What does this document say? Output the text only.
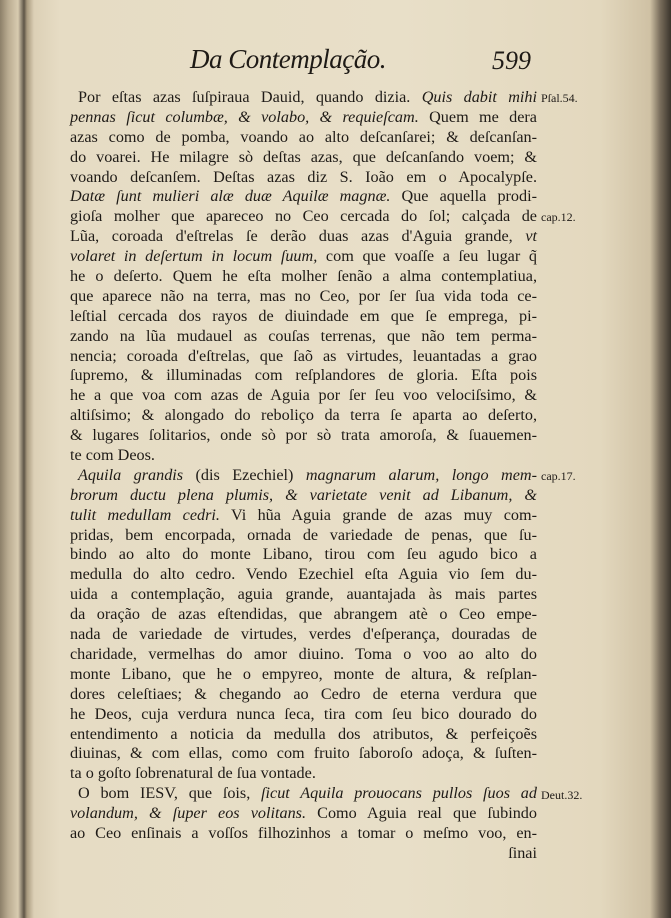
Da Contemplação.	599
Por eſtas azas ſuſpiraua Dauid, quando dizia. Quis dabit mihi
pennas ſicut columbæ, & volabo, & requieſcam. Quem me dera
azas como de pomba, voando ao alto deſcanſarei; & deſcanſan-
do voarei. He milagre sò deſtas azas, que deſcanſando voem; &
voando deſcanſem. Deſtas azas diz S. Ioão em o Apocalypſe.
Datæ ſunt mulieri alæ duæ Aquilæ magnæ. Que aquella prodi-
gioſa molher que apareceo no Ceo cercada do ſol; calçada de
Lũa, coroada d'eſtrelas ſe derão duas azas d'Aguia grande, vt
volaret in deſertum in locum ſuum, com que voaſſe a ſeu lugar q̃
he o deſerto. Quem he eſta molher ſenão a alma contemplatiua,
que aparece não na terra, mas no Ceo, por ſer ſua vida toda ce-
leſtial cercada dos rayos de diuindade em que ſe emprega, pi-
zando na lũa mudauel as couſas terrenas, que não tem perma-
nencia; coroada d'eſtrelas, que ſaõ as virtudes, leuantadas a grao
ſupremo, & illuminadas com reſplandores de gloria. Eſta pois
he a que voa com azas de Aguia por ſer ſeu voo velociſsimo, &
altiſsimo; & alongado do reboliço da terra ſe aparta ao deſerto,
& lugares ſolitarios, onde sò por sò trata amoroſa, & ſuauemen-
te com Deos.
Aquila grandis (dis Ezechiel) magnarum alarum, longo mem-
brorum ductu plena plumis, & varietate venit ad Libanum, &
tulit medullam cedri. Vi hũa Aguia grande de azas muy com-
pridas, bem encorpada, ornada de variedade de penas, que ſu-
bindo ao alto do monte Libano, tirou com ſeu agudo bico a
medulla do alto cedro. Vendo Ezechiel eſta Aguia vio ſem du-
uida a contemplação, aguia grande, auantajada às mais partes
da oração de azas eſtendidas, que abrangem atè o Ceo empe-
nada de variedade de virtudes, verdes d'eſperança, douradas de
charidade, vermelhas do amor diuino. Toma o voo ao alto do
monte Libano, que he o empyreo, monte de altura, & reſplan-
dores celeſtiaes; & chegando ao Cedro de eterna verdura que
he Deos, cuja verdura nunca ſeca, tira com ſeu bico dourado do
entendimento a noticia da medulla dos atributos, & perfeiçoẽs
diuinas, & com ellas, como com fruito ſaboroſo adoça, & ſuſten-
ta o goſto ſobrenatural de ſua vontade.
O bom IESV, que ſois, ſicut Aquila prouocans pullos ſuos ad
volandum, & ſuper eos volitans. Como Aguia real que ſubindo
ao Ceo enſinais a voſſos filhozinhos a tomar o meſmo voo, en-
ſinai
Pſal.54.
cap.12.
cap.17.
Deut.32.
